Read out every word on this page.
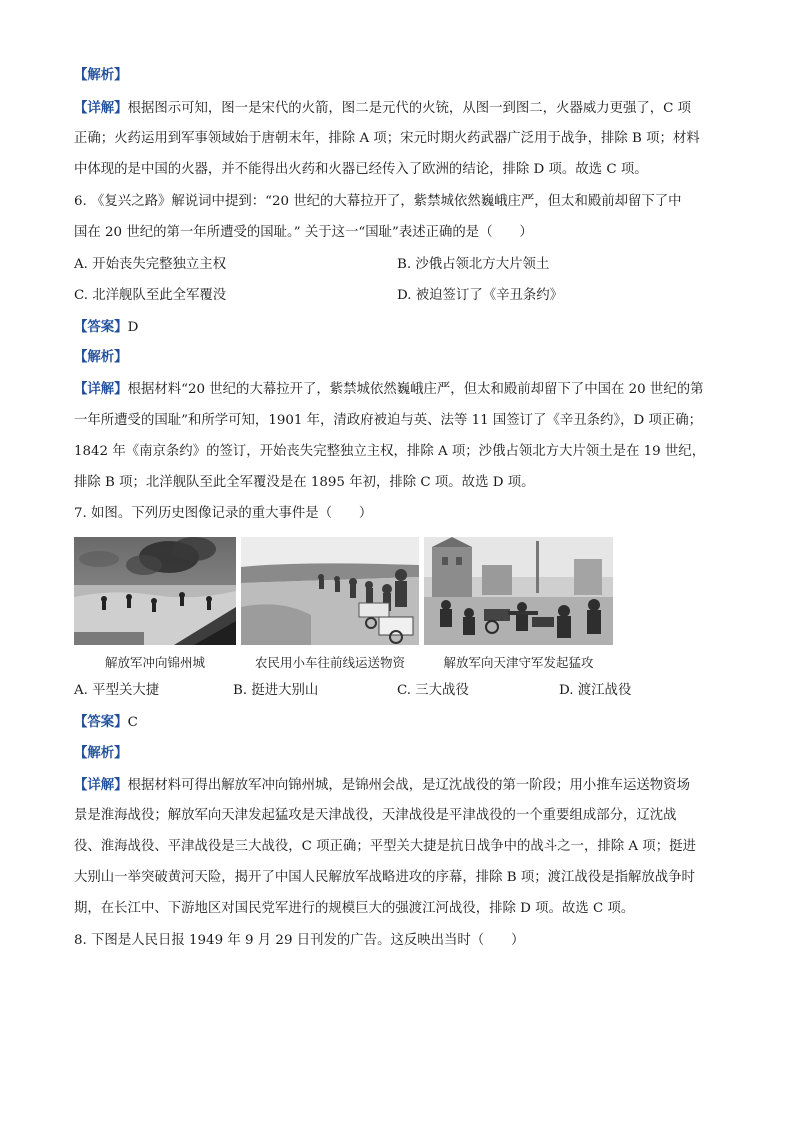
【解析】
【详解】根据图示可知，图一是宋代的火箭，图二是元代的火铳，从图一到图二，火器威力更强了，C 项
正确；火药运用到军事领域始于唐朝末年，排除 A 项；宋元时期火药武器广泛用于战争，排除 B 项；材料
中体现的是中国的火器，并不能得出火药和火器已经传入了欧洲的结论，排除 D 项。故选 C 项。
6. 《复兴之路》解说词中提到：“20 世纪的大幕拉开了，紫禁城依然巍峨庄严，但太和殿前却留下了中
国在 20 世纪的第一年所遭受的国耻。” 关于这一“国耻”表述正确的是（　　）
A. 开始丧失完整独立主权	B. 沙俄占领北方大片领土
C. 北洋舰队至此全军覆没	D. 被迫签订了《辛丑条约》
【答案】D
【解析】
【详解】根据材料“20 世纪的大幕拉开了，紫禁城依然巍峨庄严，但太和殿前却留下了中国在 20 世纪的第
一年所遭受的国耻”和所学可知，1901 年，清政府被迫与英、法等 11 国签订了《辛丑条约》，D 项正确；
1842 年《南京条约》的签订，开始丧失完整独立主权，排除 A 项；沙俄占领北方大片领土是在 19 世纪，
排除 B 项；北洋舰队至此全军覆没是在 1895 年初，排除 C 项。故选 D 项。
7. 如图。下列历史图像记录的重大事件是（　　）
解放军冲向锦州城	农民用小车往前线运送物资	解放军向天津守军发起猛攻
A. 平型关大捷	B. 挺进大别山	C. 三大战役	D. 渡江战役
【答案】C
【解析】
【详解】根据材料可得出解放军冲向锦州城，是锦州会战，是辽沈战役的第一阶段；用小推车运送物资场
景是淮海战役；解放军向天津发起猛攻是天津战役，天津战役是平津战役的一个重要组成部分，辽沈战
役、淮海战役、平津战役是三大战役，C 项正确；平型关大捷是抗日战争中的战斗之一，排除 A 项；挺进
大别山一举突破黄河天险，揭开了中国人民解放军战略进攻的序幕，排除 B 项；渡江战役是指解放战争时
期，在长江中、下游地区对国民党军进行的规模巨大的强渡江河战役，排除 D 项。故选 C 项。
8. 下图是人民日报 1949 年 9 月 29 日刊发的广告。这反映出当时（　　）
